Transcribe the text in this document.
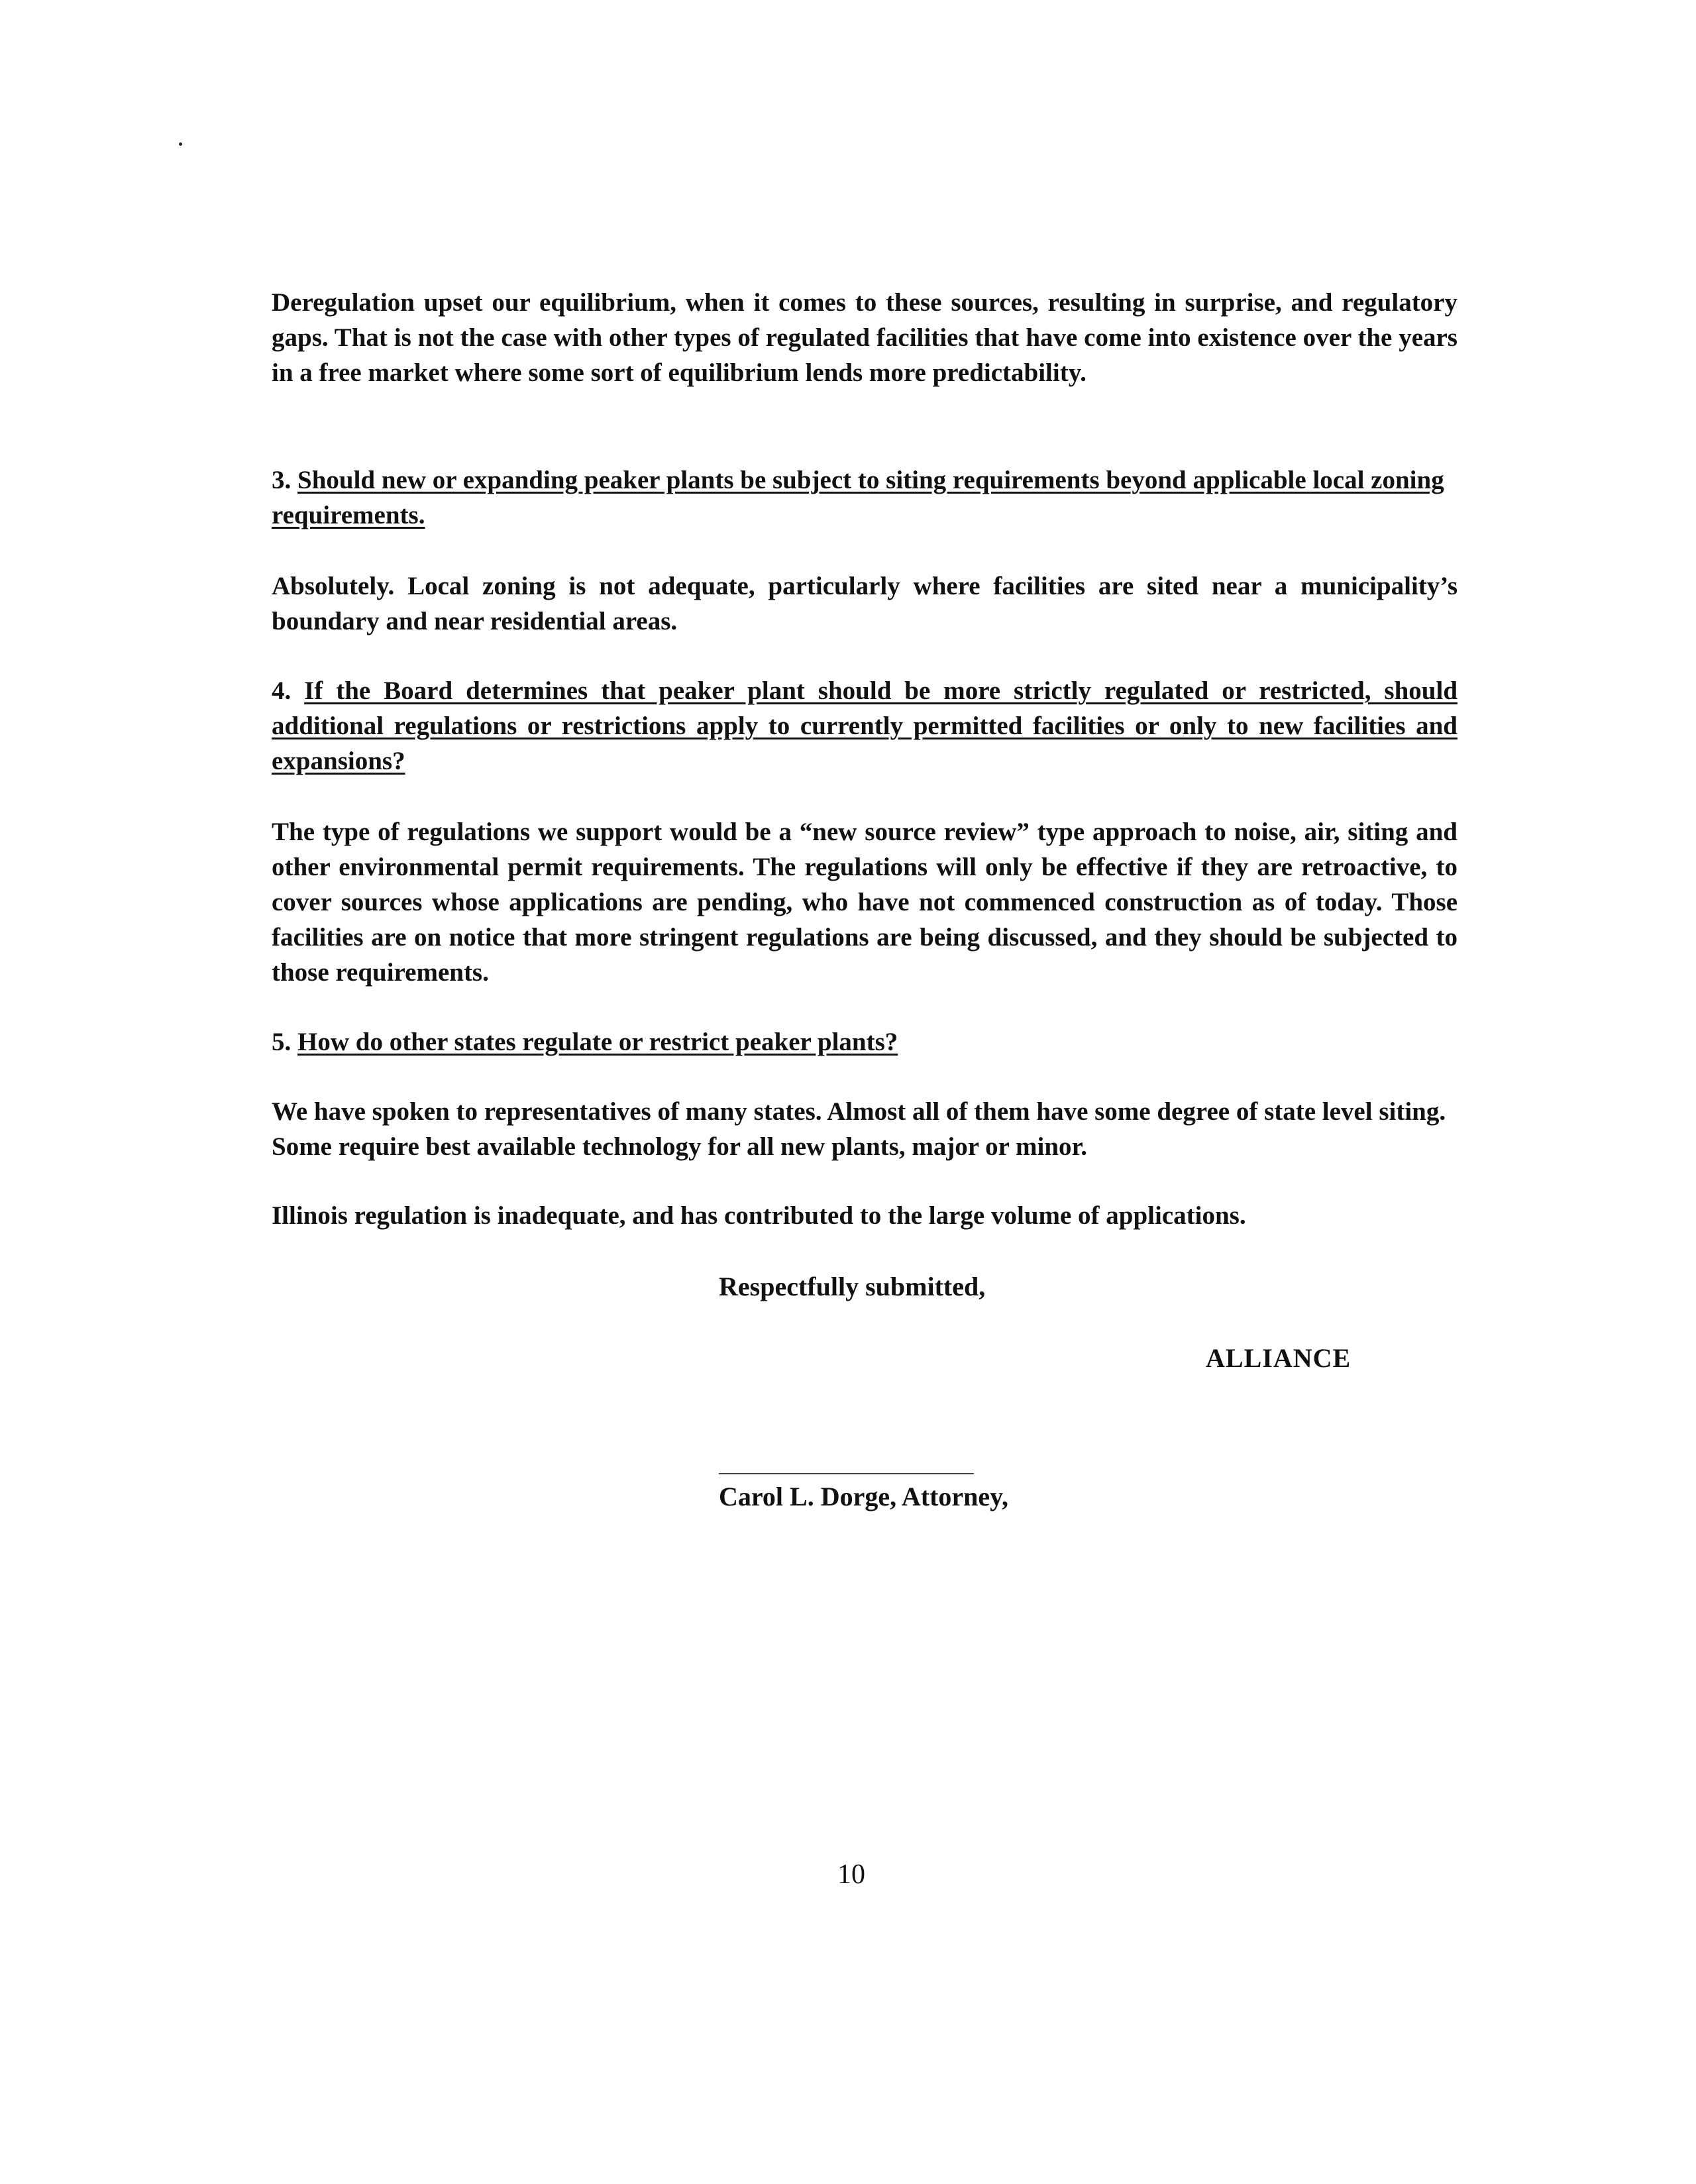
Deregulation upset our equilibrium, when it comes to these sources, resulting in surprise, and regulatory gaps. That is not the case with other types of regulated facilities that have come into existence over the years in a free market where some sort of equilibrium lends more predictability.

3. Should new or expanding peaker plants be subject to siting requirements beyond applicable local zoning requirements.

Absolutely. Local zoning is not adequate, particularly where facilities are sited near a municipality’s boundary and near residential areas.

4. If the Board determines that peaker plant should be more strictly regulated or restricted, should additional regulations or restrictions apply to currently permitted facilities or only to new facilities and expansions?

The type of regulations we support would be a “new source review” type approach to noise, air, siting and other environmental permit requirements. The regulations will only be effective if they are retroactive, to cover sources whose applications are pending, who have not commenced construction as of today. Those facilities are on notice that more stringent regulations are being discussed, and they should be subjected to those requirements.

5. How do other states regulate or restrict peaker plants?

We have spoken to representatives of many states. Almost all of them have some degree of state level siting. Some require best available technology for all new plants, major or minor.

Illinois regulation is inadequate, and has contributed to the large volume of applications.

Respectfully submitted,
ALLIANCE
Carol L. Dorge, Attorney,
10
